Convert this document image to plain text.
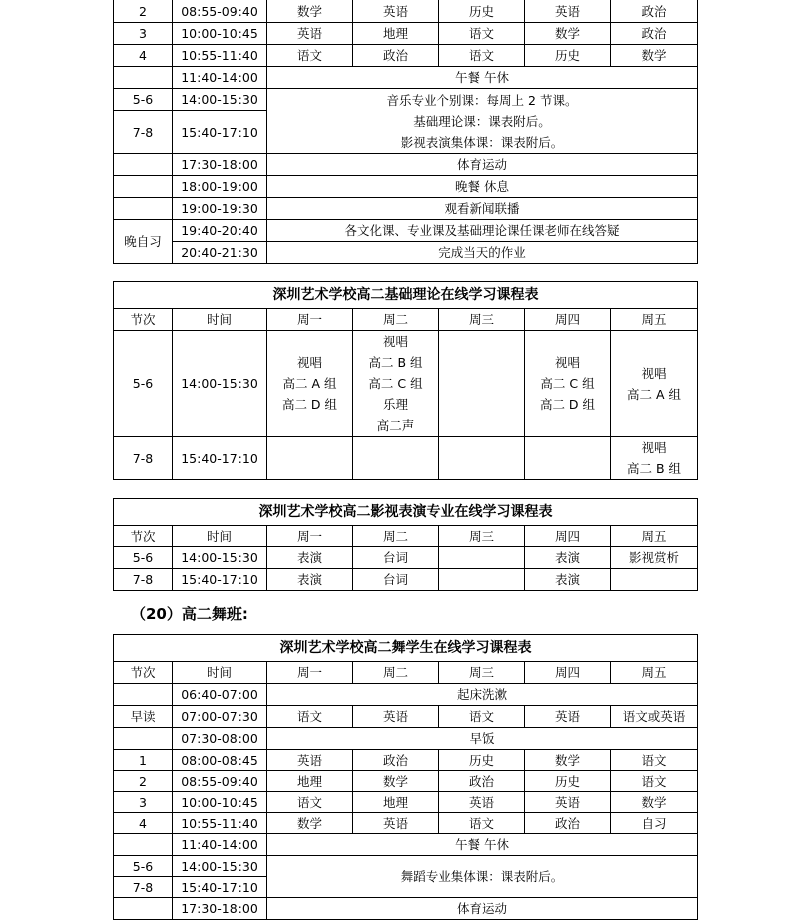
2	08:55-09:40	数学	英语	历史	英语	政治
3	10:00-10:45	英语	地理	语文	数学	政治
4	10:55-11:40	语文	政治	语文	历史	数学
	11:40-14:00	午餐 午休				
5-6	14:00-15:30	音乐专业个别课：每周上 2 节课。
基础理论课：课表附后。
影视表演集体课：课表附后。				

7-8	15:40-17:10					
	17:30-18:00	体育运动				
	18:00-19:00	晚餐 休息				
	19:00-19:30	观看新闻联播				
晚自习	19:40-20:40	各文化课、专业课及基础理论课任课老师在线答疑				
	20:40-21:30	完成当天的作业				
深圳艺术学校高二基础理论在线学习课程表						
节次	时间	周一	周二	周三	周四	周五
5-6	14:00-15:30	视唱
高二 A 组
高二 D 组	视唱
高二 B 组
高二 C 组
乐理
高二声		视唱
高二 C 组
高二 D 组	视唱
高二 A 组

7-8	15:40-17:10					视唱
高二 B 组
深圳艺术学校高二影视表演专业在线学习课程表						
节次	时间	周一	周二	周三	周四	周五
5-6	14:00-15:30	表演	台词		表演	影视赏析
7-8	15:40-17:10	表演	台词		表演	
（20）高二舞班:
深圳艺术学校高二舞学生在线学习课程表						
节次	时间	周一	周二	周三	周四	周五
	06:40-07:00	起床洗漱				
早读	07:00-07:30	语文	英语	语文	英语	语文或英语
	07:30-08:00	早饭				
1	08:00-08:45	英语	政治	历史	数学	语文
2	08:55-09:40	地理	数学	政治	历史	语文
3	10:00-10:45	语文	地理	英语	英语	数学
4	10:55-11:40	数学	英语	语文	政治	自习
	11:40-14:00	午餐 午休				
5-6	14:00-15:30	舞蹈专业集体课：课表附后。				
7-8	15:40-17:10					
	17:30-18:00	体育运动				
